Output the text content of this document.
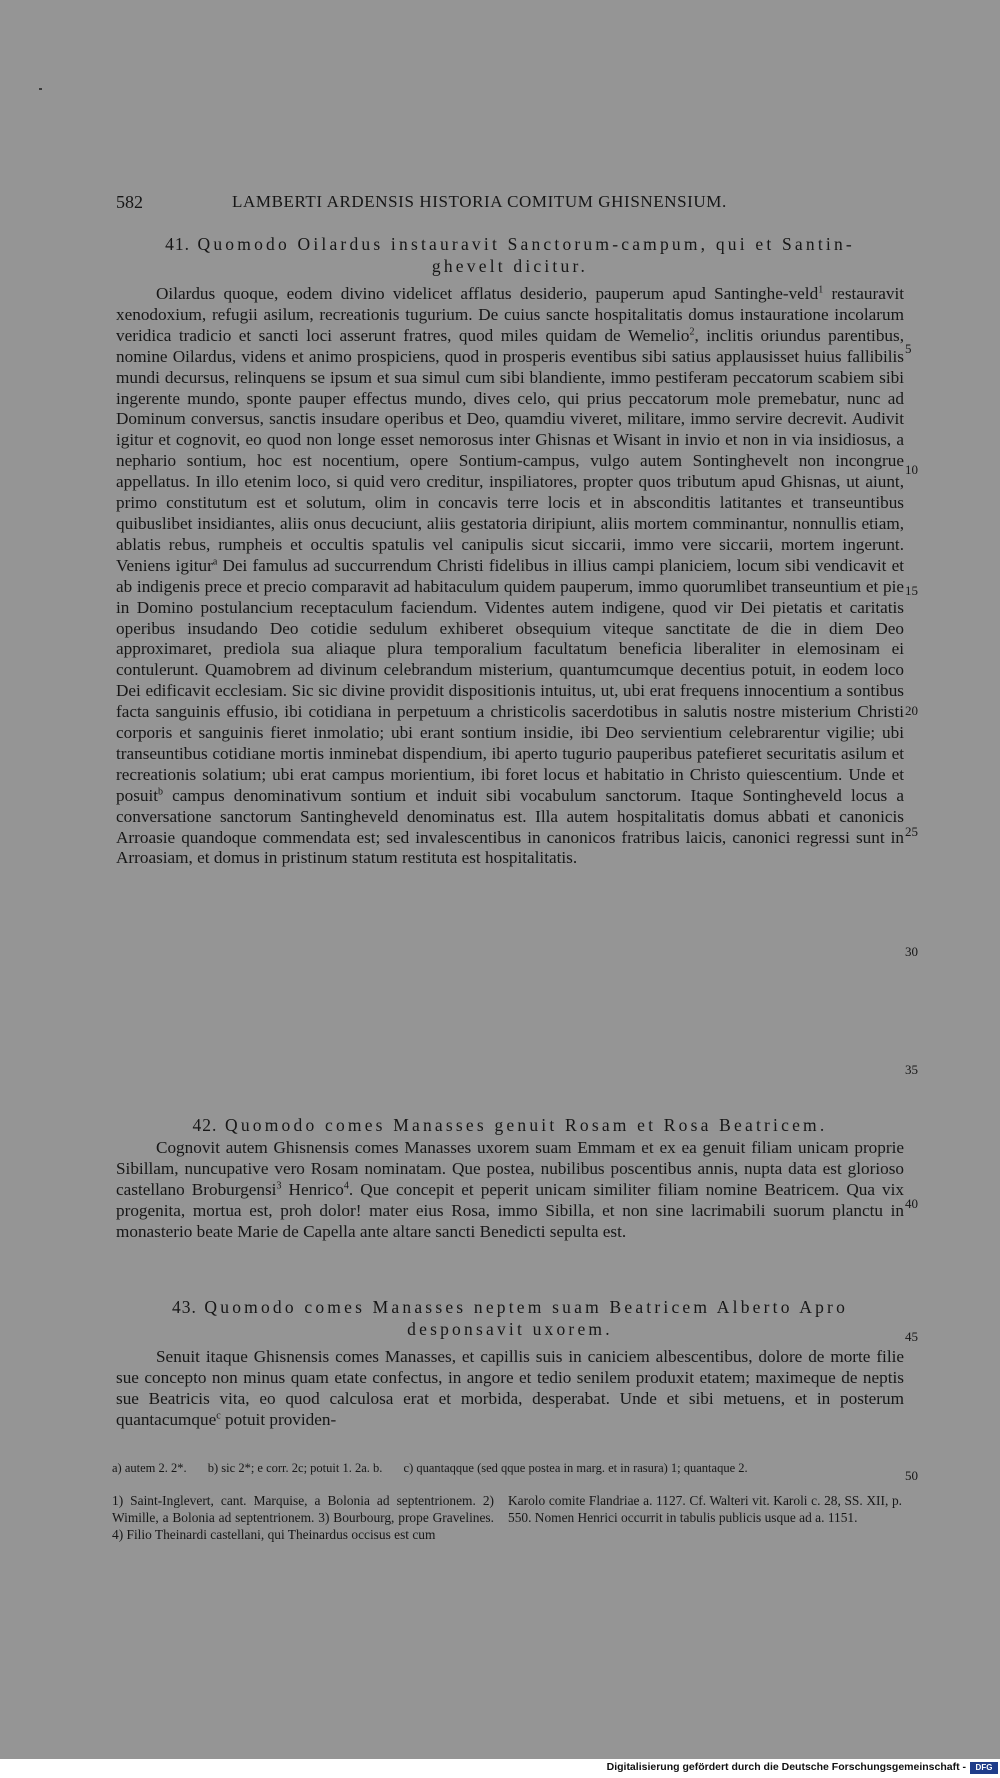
582	LAMBERTI ARDENSIS HISTORIA COMITUM GHISNENSIUM.
41. Quomodo Oilardus instauravit Sanctorum-campum, qui et Santin-
ghevelt dicitur.
Oilardus quoque, eodem divino videlicet afflatus desiderio, pauperum apud Santinghe-veld$^1$ restauravit xenodoxium, refugii asilum, recreationis tugurium. De cuius sancte hospitalitatis domus instauratione incolarum veridica tradicio et sancti loci asserunt fratres, quod miles quidam de Wemelio$^2$, inclitis oriundus parentibus, nomine Oilardus, videns et animo prospiciens, quod in prosperis eventibus sibi satius applausisset huius fallibilis mundi decursus, relinquens se ipsum et sua simul cum sibi blandiente, immo pestiferam peccatorum scabiem sibi ingerente mundo, sponte pauper effectus mundo, dives celo, qui prius peccatorum mole premebatur, nunc ad Dominum conversus, sanctis insudare operibus et Deo, quamdiu viveret, militare, immo servire decrevit. Audivit igitur et cognovit, eo quod non longe esset nemorosus inter Ghisnas et Wisant in invio et non in via insidiosus, a nephario sontium, hoc est nocentium, opere Sontium-campus, vulgo autem Sontinghevelt non incongrue appellatus. In illo etenim loco, si quid vero creditur, inspiliatores, propter quos tributum apud Ghisnas, ut aiunt, primo constitutum est et solutum, olim in concavis terre locis et in absconditis latitantes et transeuntibus quibuslibet insidiantes, aliis onus decuciunt, aliis gestatoria diripiunt, aliis mortem comminantur, nonnullis etiam, ablatis rebus, rumpheis et occultis spatulis vel canipulis sicut siccarii, immo vere siccarii, mortem ingerunt. Veniens igitur$^a$ Dei famulus ad succurrendum Christi fidelibus in illius campi planiciem, locum sibi vendicavit et ab indigenis prece et precio comparavit ad habitaculum quidem pauperum, immo quorumlibet transeuntium et pie in Domino postulancium receptaculum faciendum. Videntes autem indigene, quod vir Dei pietatis et caritatis operibus insudando Deo cotidie sedulum exhiberet obsequium viteque sanctitate de die in diem Deo approximaret, prediola sua aliaque plura temporalium facultatum beneficia liberaliter in elemosinam ei contulerunt. Quamobrem ad divinum celebrandum misterium, quantumcumque decentius potuit, in eodem loco Dei edificavit ecclesiam. Sic sic divine providit dispositionis intuitus, ut, ubi erat frequens innocentium a sontibus facta sanguinis effusio, ibi cotidiana in perpetuum a christicolis sacerdotibus in salutis nostre misterium Christi corporis et sanguinis fieret inmolatio; ubi erant sontium insidie, ibi Deo servientium celebrarentur vigilie; ubi transeuntibus cotidiane mortis inminebat dispendium, ibi aperto tugurio pauperibus patefieret securitatis asilum et recreationis solatium; ubi erat campus morientium, ibi foret locus et habitatio in Christo quiescentium. Unde et posuit$^b$ campus denominativum sontium et induit sibi vocabulum sanctorum. Itaque Sontingheveld locus a conversatione sanctorum Santingheveld denominatus est. Illa autem hospitalitatis domus abbati et canonicis Arroasie quandoque commendata est; sed invalescentibus in canonicos fratribus laicis, canonici regressi sunt in Arroasiam, et domus in pristinum statum restituta est hospitalitatis.
42. Quomodo comes Manasses genuit Rosam et Rosa Beatricem.
Cognovit autem Ghisnensis comes Manasses uxorem suam Emmam et ex ea genuit filiam unicam proprie Sibillam, nuncupative vero Rosam nominatam. Que postea, nubilibus poscentibus annis, nupta data est glorioso castellano Broburgensi$^3$ Henrico$^4$. Que concepit et peperit unicam similiter filiam nomine Beatricem. Qua vix progenita, mortua est, proh dolor! mater eius Rosa, immo Sibilla, et non sine lacrimabili suorum planctu in monasterio beate Marie de Capella ante altare sancti Benedicti sepulta est.
43. Quomodo comes Manasses neptem suam Beatricem Alberto Apro
desponsavit uxorem.
Senuit itaque Ghisnensis comes Manasses, et capillis suis in caniciem albescentibus, dolore de morte filie sue concepto non minus quam etate confectus, in angore et tedio senilem produxit etatem; maximeque de neptis sue Beatricis vita, eo quod calculosa erat et morbida, desperabat. Unde et sibi metuens, et in posterum quantacumque$^c$ potuit providen-
5
10
15
20
25
30
35
40
45
50
a) autem 2. 2*. b) sic 2*; e corr. 2c; potuit 1. 2a. b. c) quantaqque (sed qque postea in marg. et in rasura) 1; quantaque 2.
1) Saint-Inglevert, cant. Marquise, a Bolonia ad septentrionem. 2) Wimille, a Bolonia ad septentrionem. 3) Bourbourg, prope Gravelines. 4) Filio Theinardi castellani, qui Theinardus occisus est cum
Karolo comite Flandriae a. 1127. Cf. Walteri vit. Karoli c. 28, SS. XII, p. 550. Nomen Henrici occurrit in tabulis publicis usque ad a. 1151.
Digitalisierung gefördert durch die Deutsche Forschungsgemeinschaft -	DFG
